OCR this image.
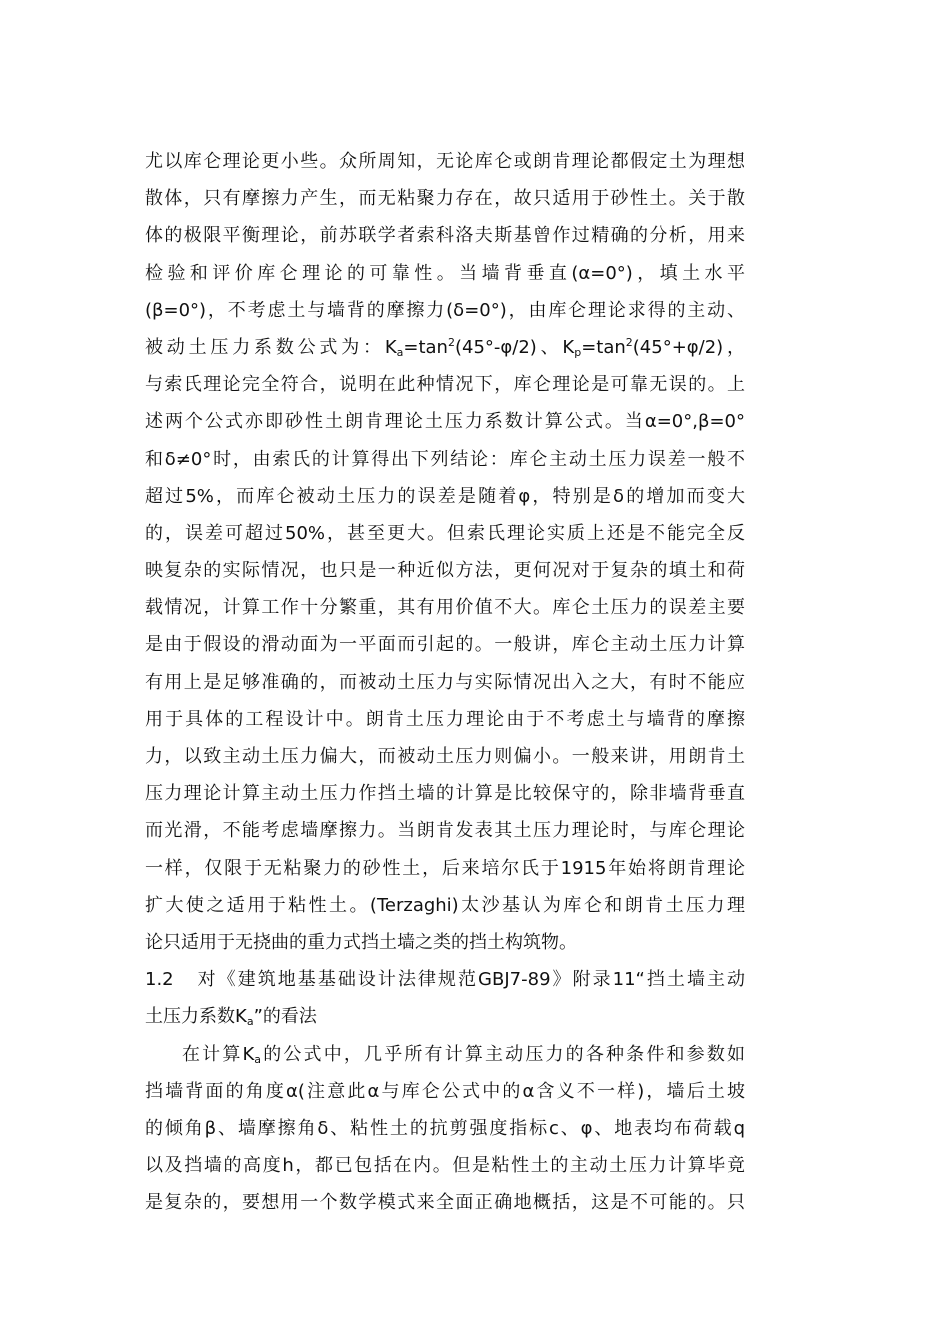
尤以库仑理论更小些。众所周知，无论库仑或朗肯理论都假定土为理想
散体，只有摩擦力产生，而无粘聚力存在，故只适用于砂性土。关于散
体的极限平衡理论，前苏联学者索科洛夫斯基曾作过精确的分析，用来
检验和评价库仑理论的可靠性。当墙背垂直(α=0°)，填土水平
(β=0°)，不考虑土与墙背的摩擦力(δ=0°)，由库仑理论求得的主动、
被动土压力系数公式为：$K_a=\tan^2(45^\circ-\varphi/2)$、$K_p=\tan^2(45^\circ+\varphi/2)$，
与索氏理论完全符合，说明在此种情况下，库仑理论是可靠无误的。上
述两个公式亦即砂性土朗肯理论土压力系数计算公式。当α=0°,β=0°
和δ≠0°时，由索氏的计算得出下列结论：库仑主动土压力误差一般不
超过5%，而库仑被动土压力的误差是随着φ，特别是δ的增加而变大
的，误差可超过50%，甚至更大。但索氏理论实质上还是不能完全反
映复杂的实际情况，也只是一种近似方法，更何况对于复杂的填土和荷
载情况，计算工作十分繁重，其有用价值不大。库仑土压力的误差主要
是由于假设的滑动面为一平面而引起的。一般讲，库仑主动土压力计算
有用上是足够准确的，而被动土压力与实际情况出入之大，有时不能应
用于具体的工程设计中。朗肯土压力理论由于不考虑土与墙背的摩擦
力，以致主动土压力偏大，而被动土压力则偏小。一般来讲，用朗肯土
压力理论计算主动土压力作挡土墙的计算是比较保守的，除非墙背垂直
而光滑，不能考虑墙摩擦力。当朗肯发表其土压力理论时，与库仑理论
一样，仅限于无粘聚力的砂性土，后来培尔氏于1915年始将朗肯理论
扩大使之适用于粘性土。(Terzaghi)太沙基认为库仑和朗肯土压力理
论只适用于无挠曲的重力式挡土墙之类的挡土构筑物。
1.2 对《建筑地基基础设计法律规范GBJ7-89》附录11“挡土墙主动
土压力系数$K_a$”的看法
在计算$K_a$的公式中，几乎所有计算主动压力的各种条件和参数如
挡墙背面的角度α(注意此α与库仑公式中的α含义不一样)，墙后土坡
的倾角β、墙摩擦角δ、粘性土的抗剪强度指标c、φ、地表均布荷载q
以及挡墙的高度h，都已包括在内。但是粘性土的主动土压力计算毕竟
是复杂的，要想用一个数学模式来全面正确地概括，这是不可能的。只
